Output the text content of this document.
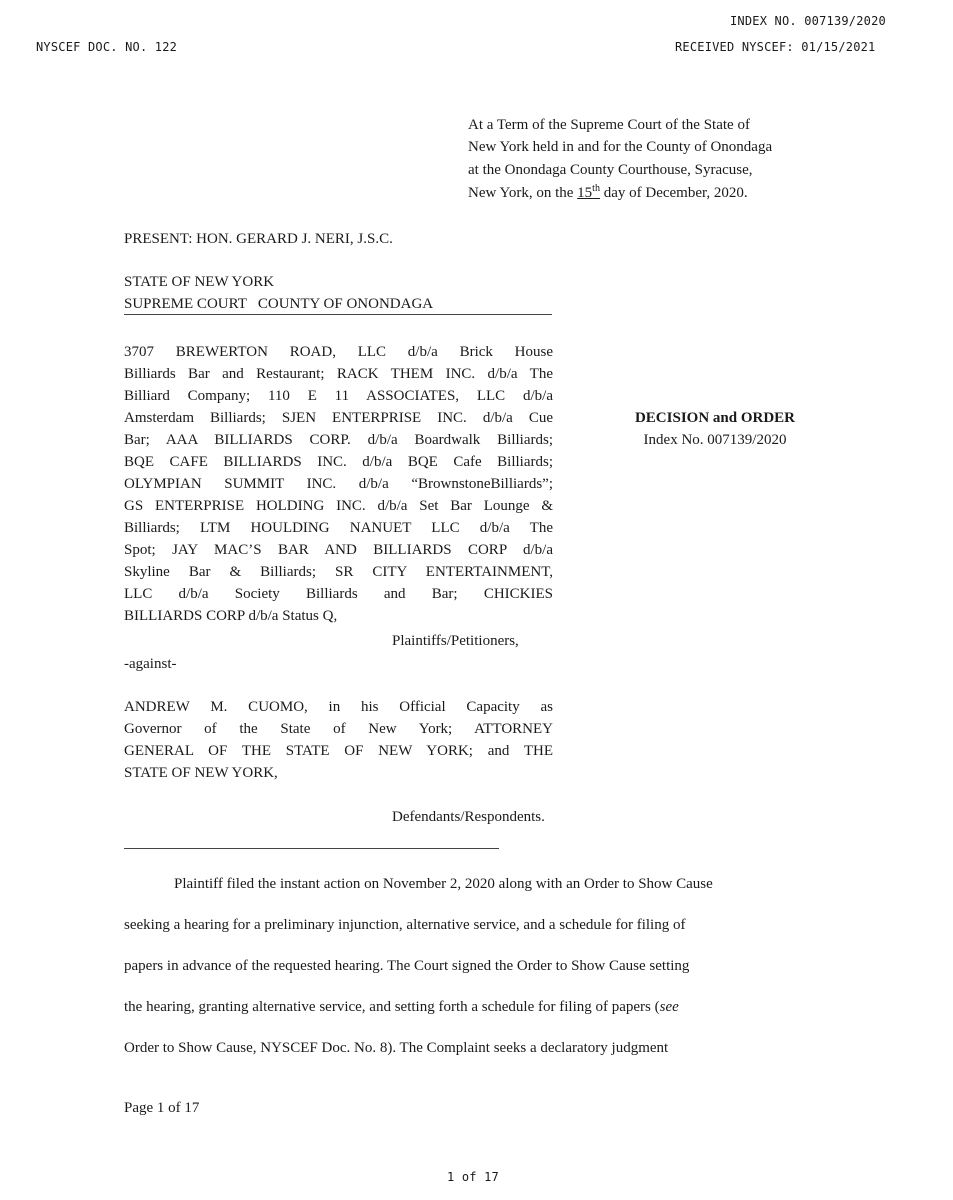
INDEX NO. 007139/2020
NYSCEF DOC. NO. 122	RECEIVED NYSCEF: 01/15/2021
At a Term of the Supreme Court of the State of
New York held in and for the County of Onondaga
at the Onondaga County Courthouse, Syracuse,
New York, on the 15th day of December, 2020.
PRESENT: HON. GERARD J. NERI, J.S.C.
STATE OF NEW YORK
SUPREME COURT   COUNTY OF ONONDAGA
3707 BREWERTON ROAD, LLC d/b/a Brick House
Billiards Bar and Restaurant; RACK THEM INC. d/b/a The
Billiard Company; 110 E 11 ASSOCIATES, LLC d/b/a
Amsterdam Billiards; SJEN ENTERPRISE INC. d/b/a Cue
Bar; AAA BILLIARDS CORP. d/b/a Boardwalk Billiards;
BQE CAFE BILLIARDS INC. d/b/a BQE Cafe Billiards;
OLYMPIAN SUMMIT INC. d/b/a “BrownstoneBilliards”;
GS ENTERPRISE HOLDING INC. d/b/a Set Bar Lounge &
Billiards; LTM HOULDING NANUET LLC d/b/a The
Spot; JAY MAC’S BAR AND BILLIARDS CORP d/b/a
Skyline Bar & Billiards; SR CITY ENTERTAINMENT,
LLC d/b/a Society Billiards and Bar; CHICKIES
BILLIARDS CORP d/b/a Status Q,
Plaintiffs/Petitioners,
-against-
DECISION and ORDER
Index No. 007139/2020
ANDREW M. CUOMO, in his Official Capacity as
Governor of the State of New York; ATTORNEY
GENERAL OF THE STATE OF NEW YORK; and THE
STATE OF NEW YORK,
Defendants/Respondents.
Plaintiff filed the instant action on November 2, 2020 along with an Order to Show Cause
seeking a hearing for a preliminary injunction, alternative service, and a schedule for filing of
papers in advance of the requested hearing. The Court signed the Order to Show Cause setting
the hearing, granting alternative service, and setting forth a schedule for filing of papers (see
Order to Show Cause, NYSCEF Doc. No. 8). The Complaint seeks a declaratory judgment
Page 1 of 17
1 of 17
